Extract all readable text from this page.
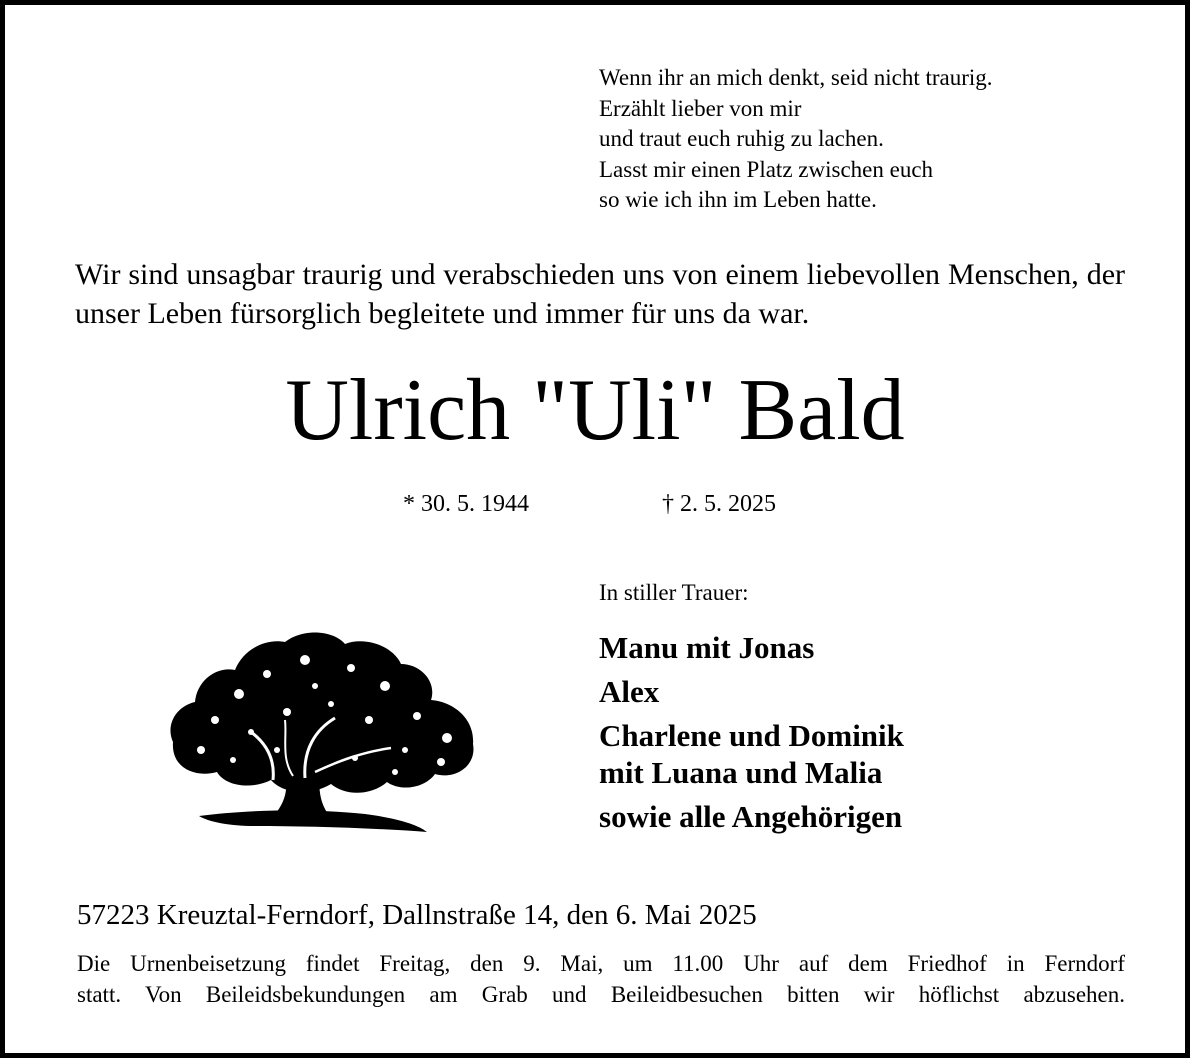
Wenn ihr an mich denkt, seid nicht traurig.
Erzählt lieber von mir
und traut euch ruhig zu lachen.
Lasst mir einen Platz zwischen euch
so wie ich ihn im Leben hatte.
Wir sind unsagbar traurig und verabschieden uns von einem liebevollen Menschen, der unser Leben fürsorglich begleitete und immer für uns da war.
Ulrich "Uli" Bald
* 30. 5. 1944	† 2. 5. 2025
In stiller Trauer:
Manu mit Jonas
Alex
Charlene und Dominik
mit Luana und Malia
sowie alle Angehörigen
57223 Kreuztal-Ferndorf, Dallnstraße 14, den 6. Mai 2025
Die Urnenbeisetzung findet Freitag, den 9. Mai, um 11.00 Uhr auf dem Friedhof in Ferndorf
statt. Von Beileidsbekundungen am Grab und Beileidbesuchen bitten wir höflichst abzusehen.
